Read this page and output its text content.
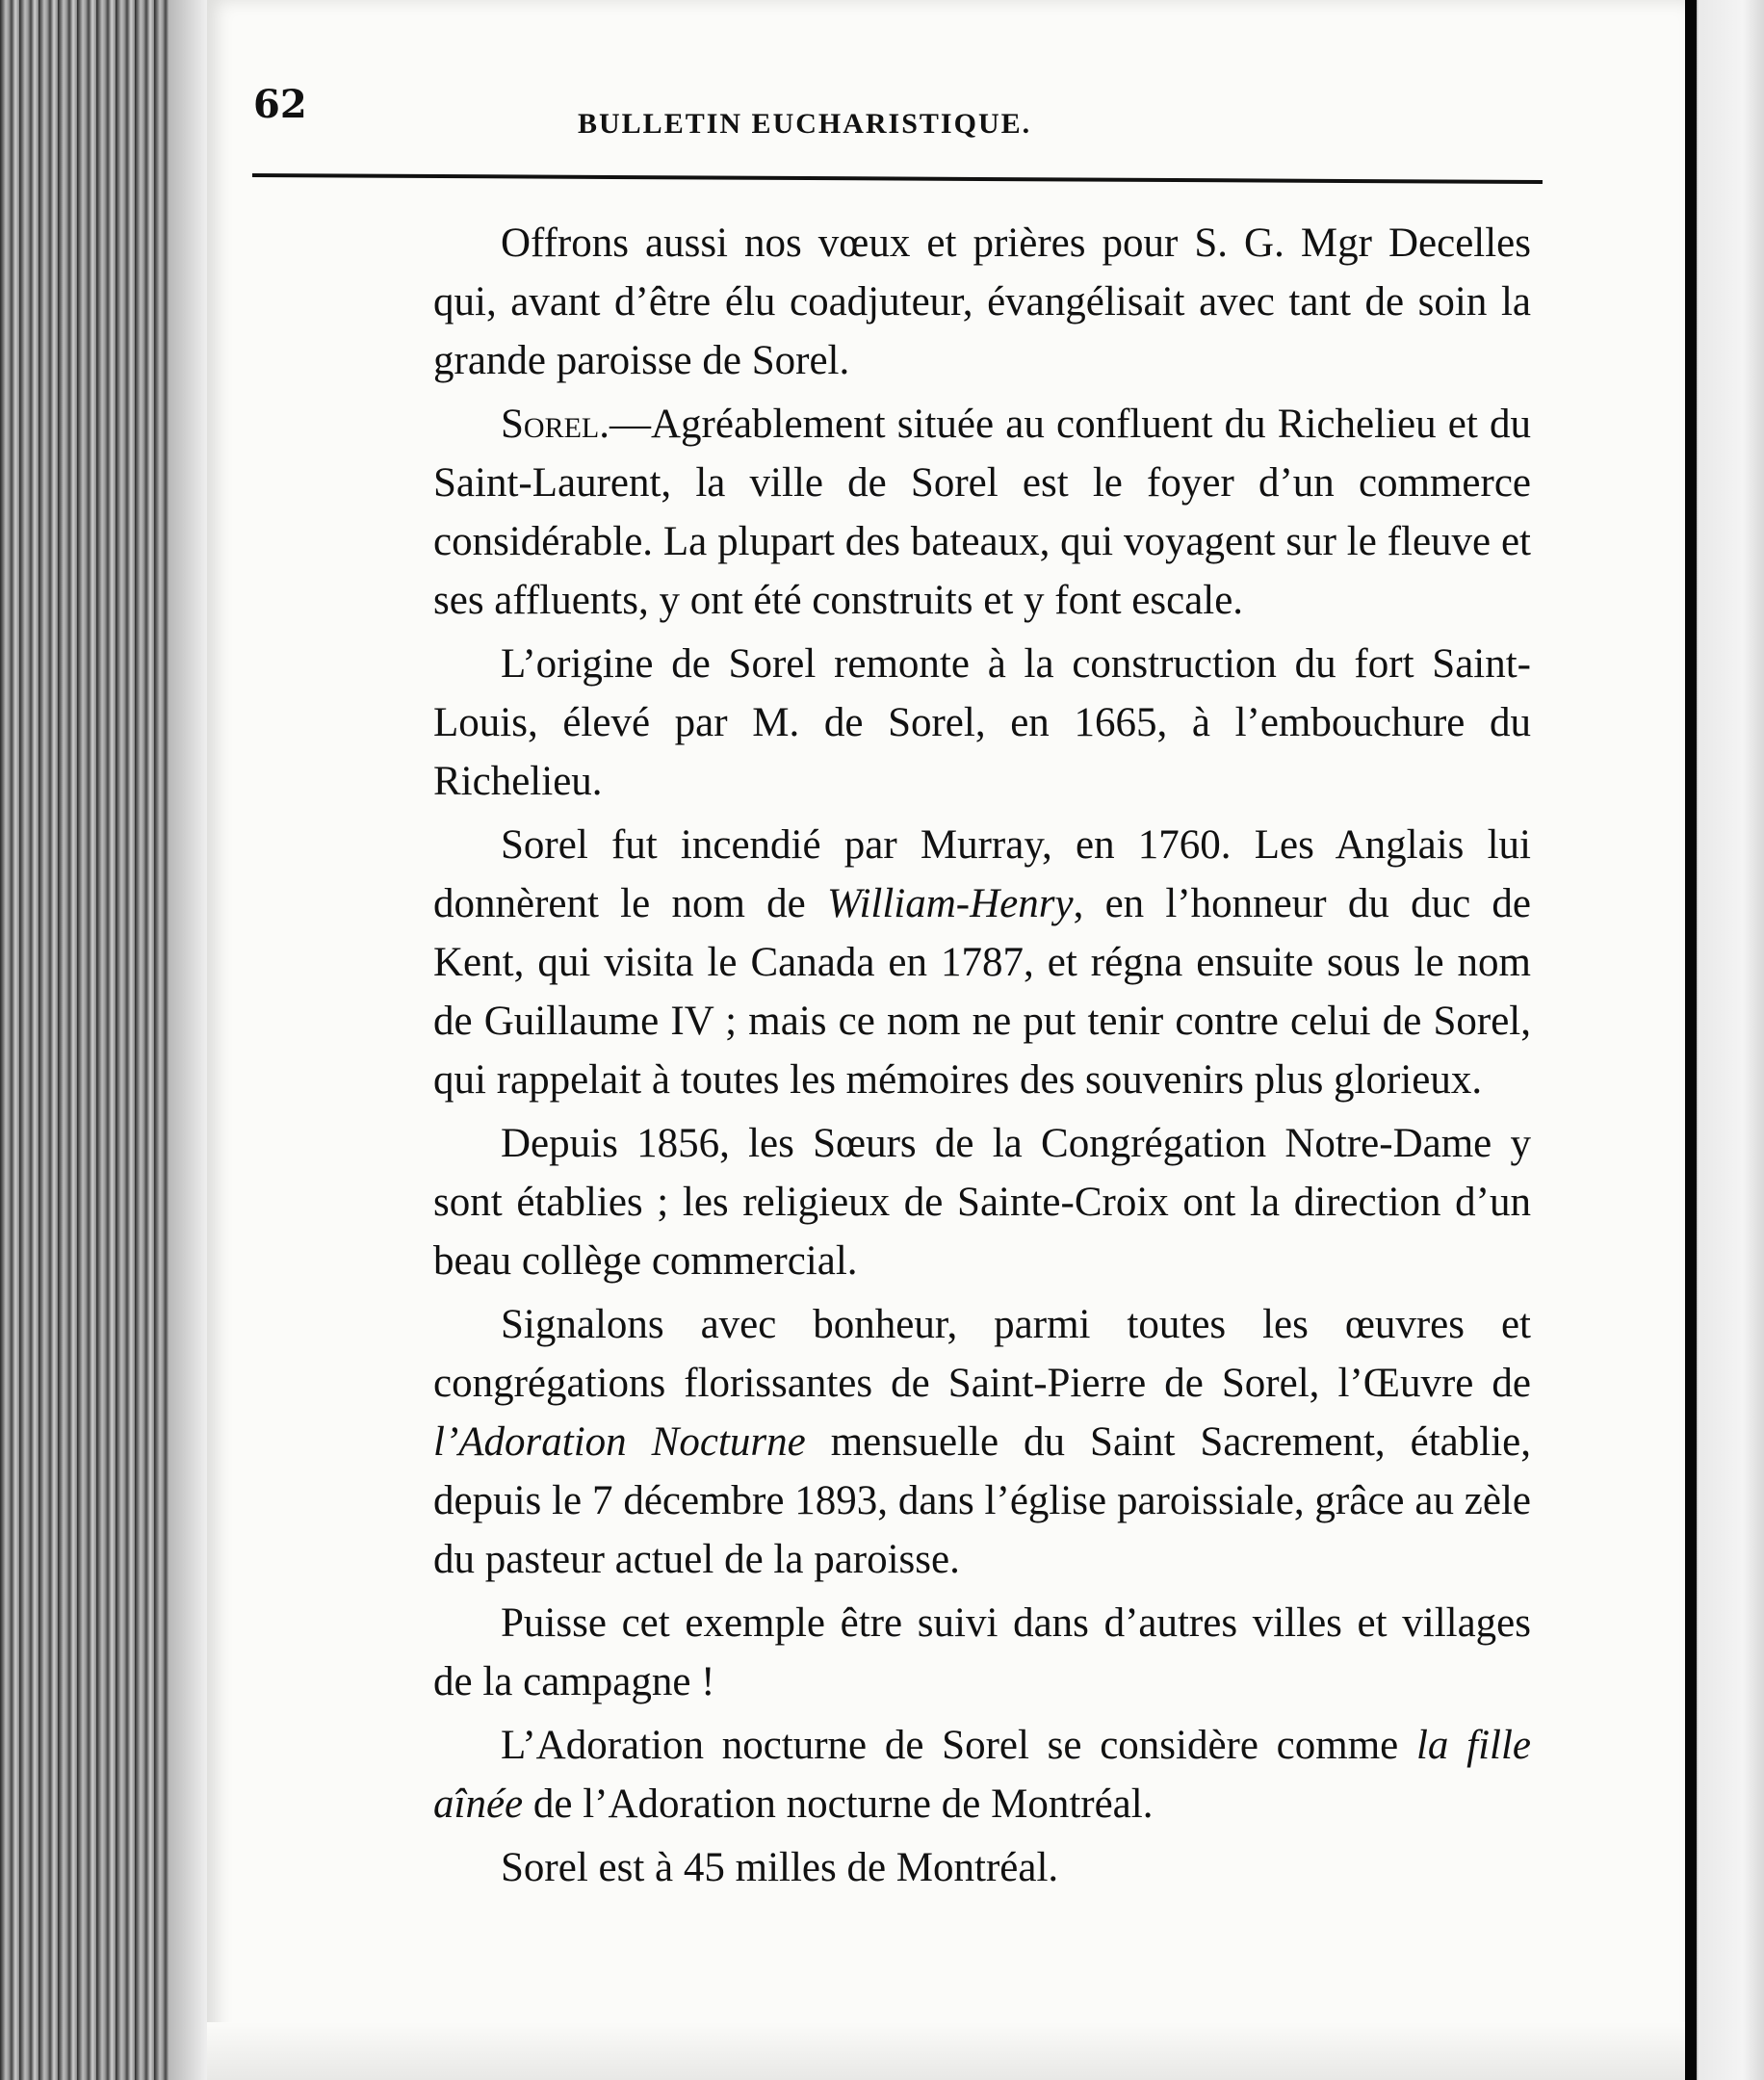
62	BULLETIN EUCHARISTIQUE.

Offrons aussi nos vœux et prières pour S. G. Mgr Decelles qui, avant d’être élu coadjuteur, évangélisait avec tant de soin la grande paroisse de Sorel.

Sorel.—Agréablement située au confluent du Richelieu et du Saint-Laurent, la ville de Sorel est le foyer d’un commerce considérable. La plupart des bateaux, qui voyagent sur le fleuve et ses affluents, y ont été construits et y font escale.

L’origine de Sorel remonte à la construction du fort Saint-Louis, élevé par M. de Sorel, en 1665, à l’embouchure du Richelieu.

Sorel fut incendié par Murray, en 1760. Les Anglais lui donnèrent le nom de William-Henry, en l’honneur du duc de Kent, qui visita le Canada en 1787, et régna ensuite sous le nom de Guillaume IV ; mais ce nom ne put tenir contre celui de Sorel, qui rappelait à toutes les mémoires des souvenirs plus glorieux.

Depuis 1856, les Sœurs de la Congrégation Notre-Dame y sont établies ; les religieux de Sainte-Croix ont la direction d’un beau collège commercial.

Signalons avec bonheur, parmi toutes les œuvres et congrégations florissantes de Saint-Pierre de Sorel, l’Œuvre de l’Adoration Nocturne mensuelle du Saint Sacrement, établie, depuis le 7 décembre 1893, dans l’église paroissiale, grâce au zèle du pasteur actuel de la paroisse.

Puisse cet exemple être suivi dans d’autres villes et villages de la campagne !

L’Adoration nocturne de Sorel se considère comme la fille aînée de l’Adoration nocturne de Montréal.

Sorel est à 45 milles de Montréal.
